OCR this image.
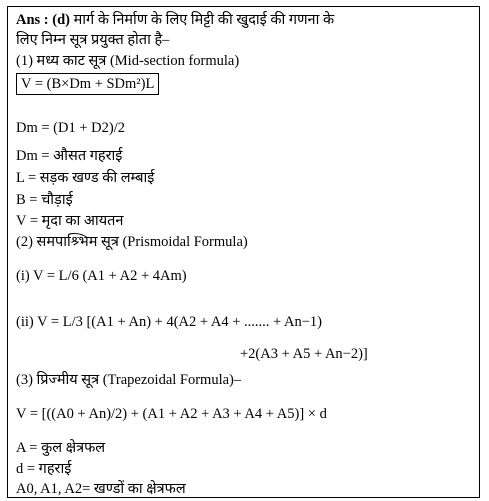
Ans : (d) मार्ग के निर्माण के लिए मिट्टी की खुदाई की गणना के
लिए निम्न सूत्र प्रयुक्त होता है–
(1) मध्य काट सूत्र (Mid-section formula)
V = (B×Dm + SDm²)L
Dm = (D1 + D2)/2
Dm = औसत गहराई
L = सड़क खण्ड की लम्बाई
B = चौड़ाई
V = मृदा का आयतन
(2) समपाश्र्भिम सूत्र (Prismoidal Formula)
(i) V = L/6 (A1 + A2 + 4Am)
(ii) V = L/3 [(A1 + An) + 4(A2 + A4 + ....... + An−1)
+2(A3 + A5 + An−2)]
(3) प्रिज्मीय सूत्र (Trapezoidal Formula)–
V = [((A0 + An)/2) + (A1 + A2 + A3 + A4 + A5)] × d
A = कुल क्षेत्रफल
d = गहराई
A0, A1, A2= खण्डों का क्षेत्रफल
